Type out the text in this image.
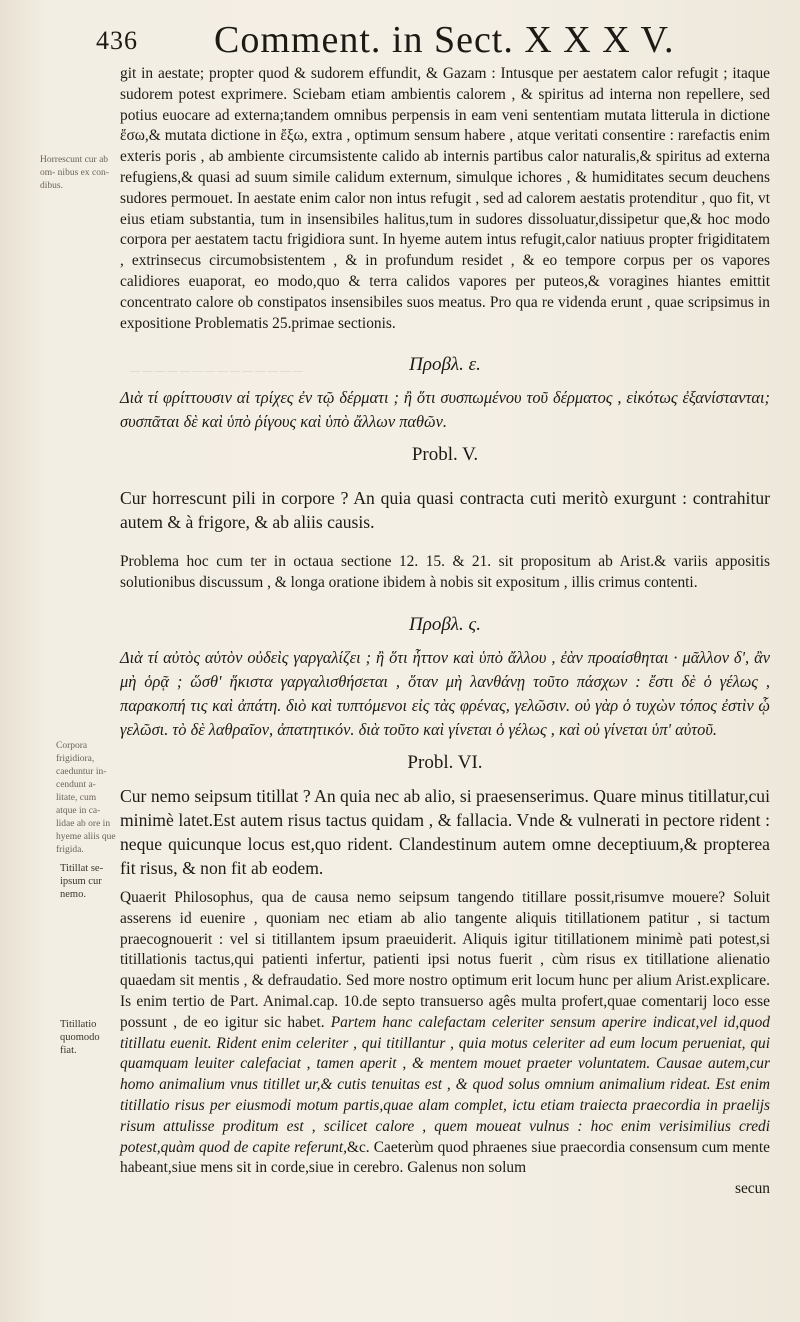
— — — — — — — — — — — — — —
436 Comment. in Sect. X X X V.
Horrescunt cur ab om- nibus ex con- dibus.
Corpora frigidiora, caeduntur in- cendunt a- litate, cum atque in ca- lidae ab ore in hyeme aliis que frigida.
Titillat se- ipsum cur nemo.
Titillatio quomodo fiat.

git in aestate; propter quod & sudorem effundit, & Gazam : Intusque per aestatem calor refugit ; itaque sudorem potest exprimere. Sciebam etiam ambientis calorem , & spiritus ad interna non repellere, sed potius euocare ad externa;tandem omnibus perpensis in eam veni sententiam mutata litterula in dictione ἔσω,& mutata dictione in ἔξω, extra , optimum sensum habere , atque veritati consentire : rarefactis enim exteris poris , ab ambiente circumsistente calido ab internis partibus calor naturalis,& spiritus ad externa refugiens,& quasi ad suum simile calidum externum, simulque ichores , & humiditates secum deuchens sudores permouet. In aestate enim calor non intus refugit , sed ad calorem aestatis protenditur , quo fit, vt eius etiam substantia, tum in insensibiles halitus,tum in sudores dissoluatur,dissipetur que,& hoc modo corpora per aestatem tactu frigidiora sunt. In hyeme autem intus refugit,calor natiuus propter frigiditatem , extrinsecus circumobsistentem , & in profundum residet , & eo tempore corpus per os vapores calidiores euaporat, eo modo,quo & terra calidos vapores per puteos,& voragines hiantes emittit concentrato calore ob constipatos insensibiles suos meatus. Pro qua re videnda erunt , quae scripsimus in expositione Problematis 25.primae sectionis.

Προβλ. ε.

Διὰ τί φρίττουσιν αἱ τρίχες ἐν τῷ δέρματι ; ἢ ὅτι συσπωμένου τοῦ δέρματος , εἰκότως ἐξανίστανται; συσπᾶται δὲ καὶ ὑπὸ ῥίγους καὶ ὑπὸ ἄλλων παθῶν.

Probl. V.

Cur horrescunt pili in corpore ? An quia quasi contracta cuti meritò exurgunt : contrahitur autem & à frigore, & ab aliis causis.

Problema hoc cum ter in octaua sectione 12. 15. & 21. sit propositum ab Arist.& variis appositis solutionibus discussum , & longa oratione ibidem à nobis sit expositum , illis crimus contenti.

Προβλ. ς.

Διὰ τί αὐτὸς αὑτὸν οὐδεὶς γαργαλίζει ; ἢ ὅτι ἧττον καὶ ὑπὸ ἄλλου , ἐὰν προαίσθηται · μᾶλλον δ', ἂν μὴ ὁρᾷ ; ὥσθ' ἥκιστα γαργαλισθήσεται , ὅταν μὴ λανθάνῃ τοῦτο πάσχων : ἔστι δὲ ὁ γέλως , παρακοπή τις καὶ ἀπάτη. διὸ καὶ τυπτόμενοι εἰς τὰς φρένας, γελῶσιν. οὐ γὰρ ὁ τυχὼν τόπος ἐστὶν ᾧ γελῶσι. τὸ δὲ λαθραῖον, ἀπατητικόν. διὰ τοῦτο καὶ γίνεται ὁ γέλως , καὶ οὐ γίνεται ὑπ' αὐτοῦ.

Probl. VI.

Cur nemo seipsum titillat ? An quia nec ab alio, si praesenserimus. Quare minus titillatur,cui minimè latet.Est autem risus tactus quidam , & fallacia. Vnde & vulnerati in pectore rident : neque quicunque locus est,quo rident. Clandestinum autem omne deceptiuum,& propterea fit risus, & non fit ab eodem.

Quaerit Philosophus, qua de causa nemo seipsum tangendo titillare possit,risumve mouere? Soluit asserens id euenire , quoniam nec etiam ab alio tangente aliquis titillationem patitur , si tactum praecognouerit : vel si titillantem ipsum praeuiderit. Aliquis igitur titillationem minimè pati potest,si titillationis tactus,qui patienti infertur, patienti ipsi notus fuerit , cùm risus ex titillatione alienatio quaedam sit mentis , & defraudatio. Sed more nostro optimum erit locum hunc per alium Arist.explicare. Is enim tertio de Part. Animal.cap. 10.de septo transuerso agês multa profert,quae comentarij loco esse possunt , de eo igitur sic habet. Partem hanc calefactam celeriter sensum aperire indicat,vel id,quod titillatu euenit. Rident enim celeriter , qui titillantur , quia motus celeriter ad eum locum perueniat, qui quamquam leuiter calefaciat , tamen aperit , & mentem mouet praeter voluntatem. Causae autem,cur homo animalium vnus titillet ur,& cutis tenuitas est , & quod solus omnium animalium rideat. Est enim titillatio risus per eiusmodi motum partis,quae alam complet, ictu etiam traiecta praecordia in praelijs risum attulisse proditum est , scilicet calore , quem moueat vulnus : hoc enim verisimilius credi potest,quàm quod de capite referunt,&c. Caeterùm quod phraenes siue praecordia consensum cum mente habeant,siue mens sit in corde,siue in cerebro. Galenus non solum

secun
